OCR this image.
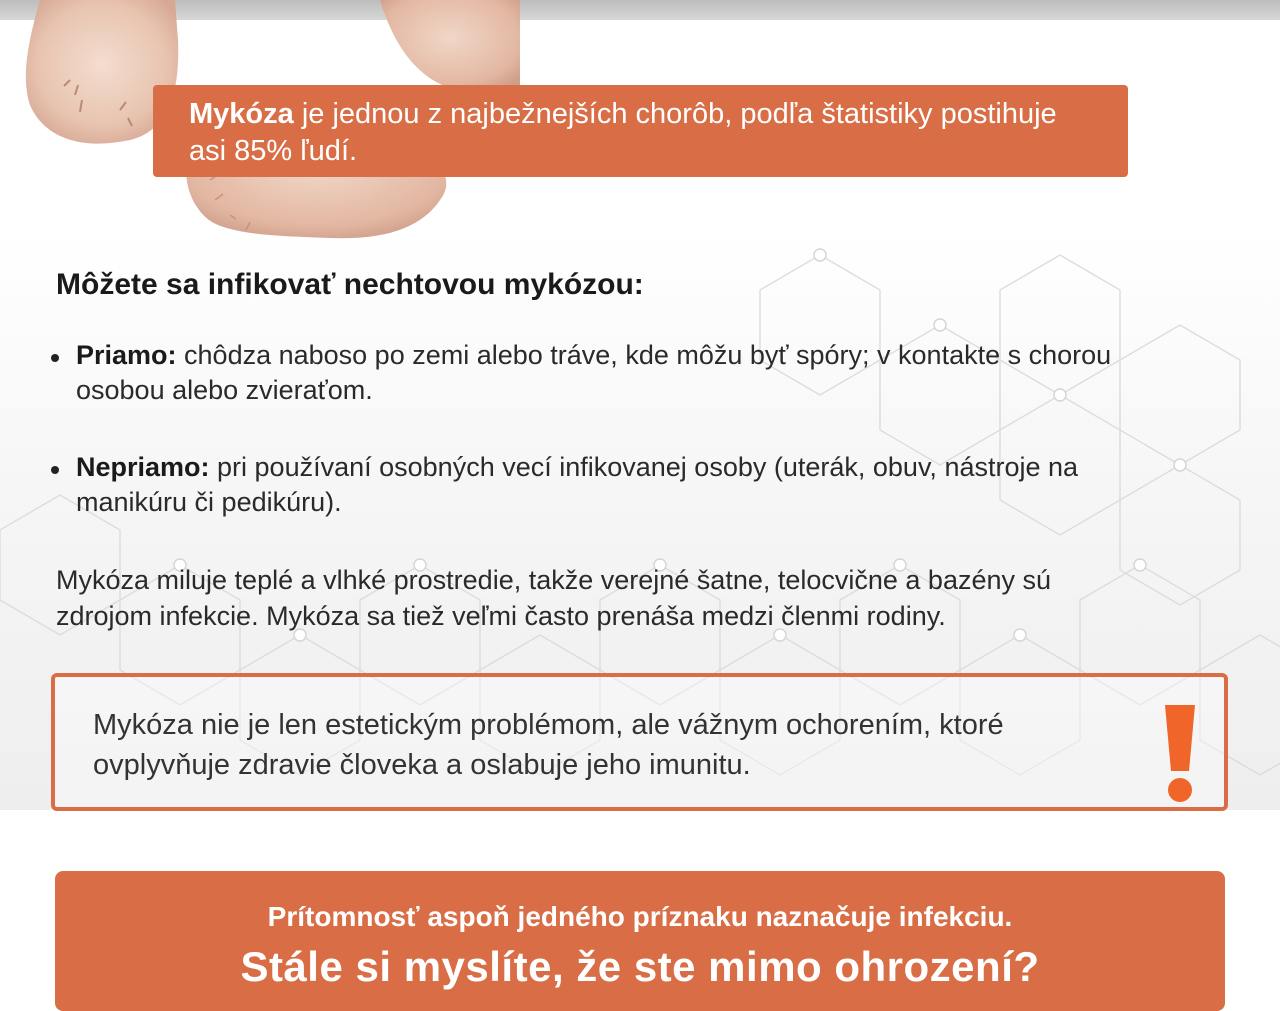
Mykóza je jednou z najbežnejších chorôb, podľa štatistiky postihuje asi 85% ľudí.
Môžete sa infikovať nechtovou mykózou:
Priamo: chôdza naboso po zemi alebo tráve, kde môžu byť spóry; v kontakte s chorou osobou alebo zvieraťom.
Nepriamo: pri používaní osobných vecí infikovanej osoby (uterák, obuv, nástroje na manikúru či pedikúru).

Mykóza miluje teplé a vlhké prostredie, takže verejné šatne, telocvične a bazény sú zdrojom infekcie. Mykóza sa tiež veľmi často prenáša medzi členmi rodiny.

Mykóza nie je len estetickým problémom, ale vážnym ochorením, ktoré ovplyvňuje zdravie človeka a oslabuje jeho imunitu.
Prítomnosť aspoň jedného príznaku naznačuje infekciu.
Stále si myslíte, že ste mimo ohrození?
